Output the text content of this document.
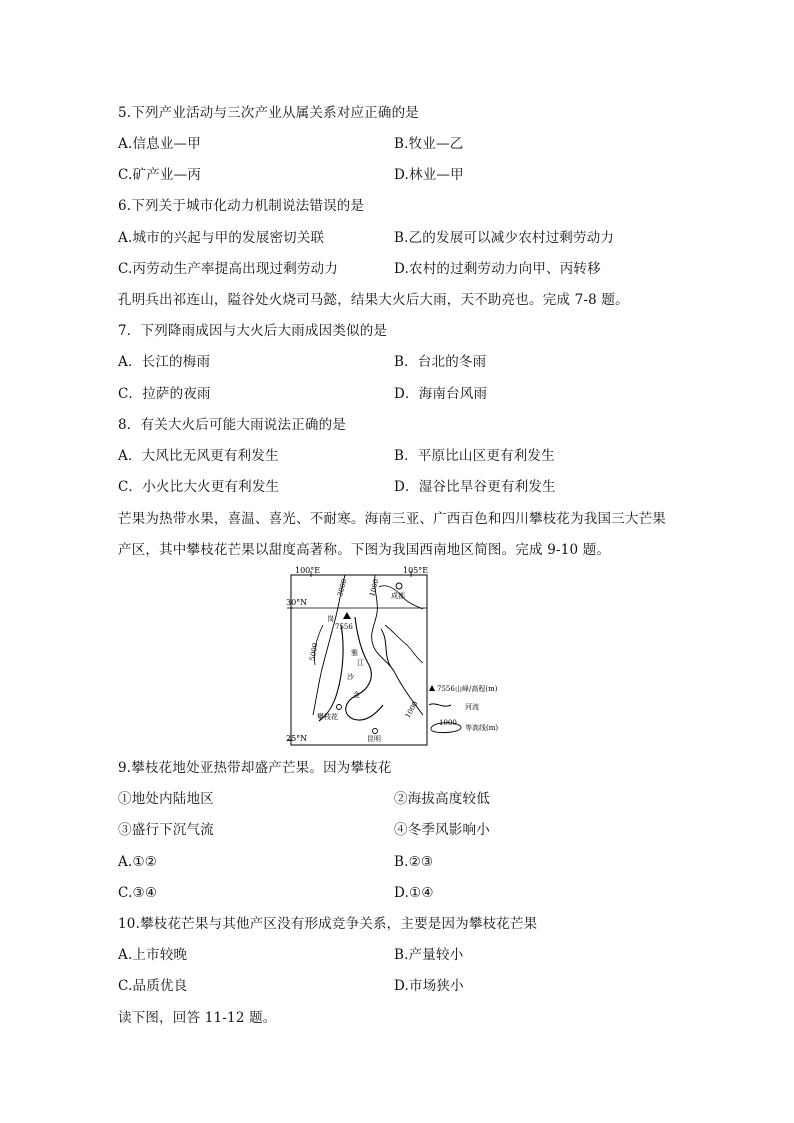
5.下列产业活动与三次产业从属关系对应正确的是
A.信息业—甲	B.牧业—乙
C.矿产业—丙	D.林业—甲
6.下列关于城市化动力机制说法错误的是
A.城市的兴起与甲的发展密切关联	B.乙的发展可以减少农村过剩劳动力
C.丙劳动生产率提高出现过剩劳动力	D.农村的过剩劳动力向甲、丙转移
孔明兵出祁连山，隘谷处火烧司马懿，结果大火后大雨，天不助亮也。完成 7-8 题。
7．下列降雨成因与大火后大雨成因类似的是
A．长江的梅雨	B．台北的冬雨
C．拉萨的夜雨	D．海南台风雨
8．有关大火后可能大雨说法正确的是
A．大风比无风更有利发生	B．平原比山区更有利发生
C．小火比大火更有利发生	D．湿谷比旱谷更有利发生
芒果为热带水果，喜温、喜光、不耐寒。海南三亚、广西百色和四川攀枝花为我国三大芒果
产区，其中攀枝花芒果以甜度高著称。下图为我国西南地区简图。完成 9-10 题。
100°E	105°E
30°N
25°N
岗
7556
3000	1000
5000
1000
成都
攀枝花
昆明
雅
江
沙
金
7556 山峰/高程(m)
河流
1000
等高线(m)
9.攀枝花地处亚热带却盛产芒果。因为攀枝花
①地处内陆地区	②海拔高度较低
③盛行下沉气流	④冬季风影响小
A.①②	B.②③
C.③④	D.①④
10.攀枝花芒果与其他产区没有形成竞争关系，主要是因为攀枝花芒果
A.上市较晚	B.产量较小
C.品质优良	D.市场狭小
读下图，回答 11-12 题。
